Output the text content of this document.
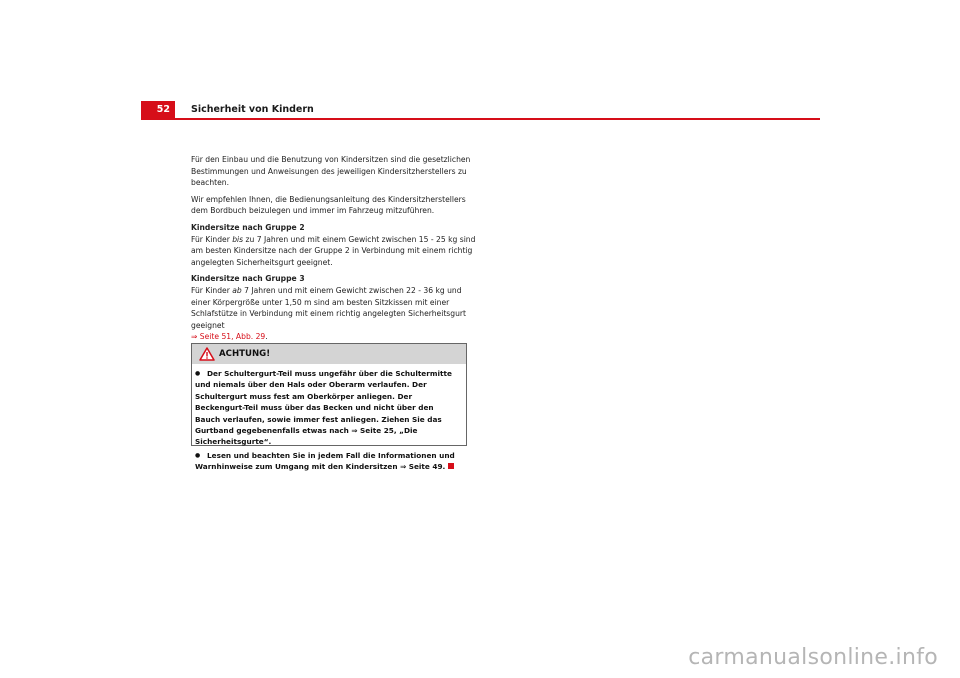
52	Sicherheit von Kindern

Für den Einbau und die Benutzung von Kindersitzen sind die gesetzlichen Bestimmungen und Anweisungen des jeweiligen Kindersitzherstellers zu beachten.

Wir empfehlen Ihnen, die Bedienungsanleitung des Kindersitzherstellers dem Bordbuch beizulegen und immer im Fahrzeug mitzuführen.

Kindersitze nach Gruppe 2

Für Kinder bis zu 7 Jahren und mit einem Gewicht zwischen 15 - 25 kg sind am besten Kindersitze nach der Gruppe 2 in Verbindung mit einem richtig angelegten Sicherheitsgurt geeignet.

Kindersitze nach Gruppe 3

Für Kinder ab 7 Jahren und mit einem Gewicht zwischen 22 - 36 kg und einer Körpergröße unter 1,50 m sind am besten Sitzkissen mit einer Schlafstütze in Verbindung mit einem richtig angelegten Sicherheitsgurt geeignet
⇒ Seite 51, Abb. 29.

ACHTUNG!
● Der Schultergurt-Teil muss ungefähr über die Schultermitte und niemals über den Hals oder Oberarm verlaufen. Der Schultergurt muss fest am Oberkörper anliegen. Der Beckengurt-Teil muss über das Becken und nicht über den Bauch verlaufen, sowie immer fest anliegen. Ziehen Sie das Gurtband gegebenenfalls etwas nach ⇒ Seite 25, „Die Sicherheitsgurte“.
● Lesen und beachten Sie in jedem Fall die Informationen und Warnhinweise zum Umgang mit den Kindersitzen ⇒ Seite 49.
carmanualsonline.info
